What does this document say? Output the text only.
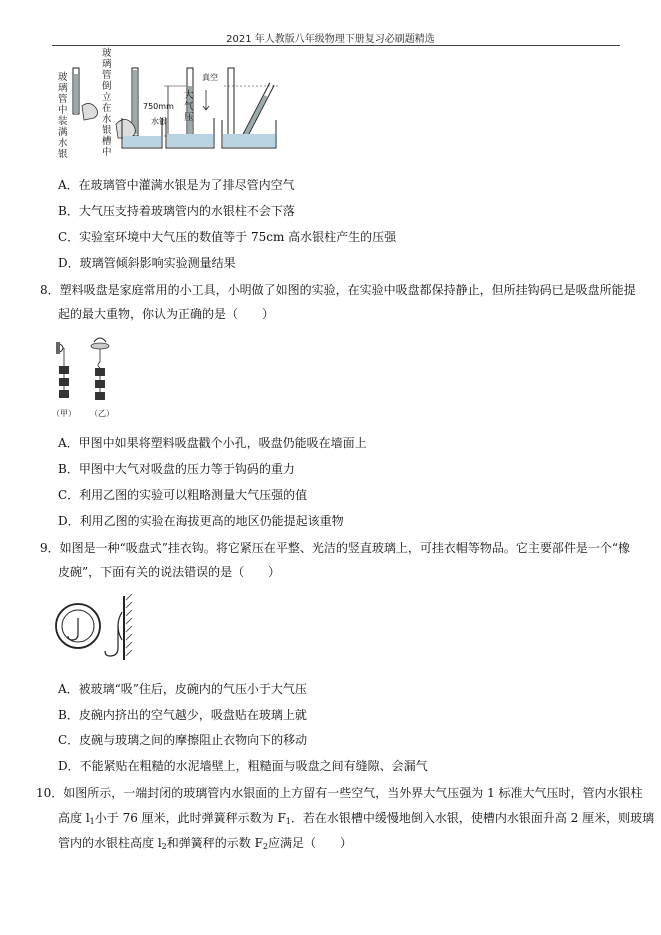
2021 年人教版八年级物理下册复习必刷题精选
玻璃管中装满水银
玻璃管倒立在水银槽中
真空
大气压
750mm
水银
A．在玻璃管中灌满水银是为了排尽管内空气
B．大气压支持着玻璃管内的水银柱不会下落
C．实验室环境中大气压的数值等于 75cm 高水银柱产生的压强
D．玻璃管倾斜影响实验测量结果
8．塑料吸盘是家庭常用的小工具，小明做了如图的实验，在实验中吸盘都保持静止，但所挂钩码已是吸盘所能提
起的最大重物，你认为正确的是（　　）
（甲） （乙）
A．甲图中如果将塑料吸盘戳个小孔，吸盘仍能吸在墙面上
B．甲图中大气对吸盘的压力等于钩码的重力
C．利用乙图的实验可以粗略测量大气压强的值
D．利用乙图的实验在海拔更高的地区仍能提起该重物
9．如图是一种“吸盘式”挂衣钩。将它紧压在平整、光洁的竖直玻璃上，可挂衣帽等物品。它主要部件是一个“橡
皮碗”，下面有关的说法错误的是（　　）
A．被玻璃“吸”住后，皮碗内的气压小于大气压
B．皮碗内挤出的空气越少，吸盘贴在玻璃上就
C．皮碗与玻璃之间的摩擦阻止衣物向下的移动
D．不能紧贴在粗糙的水泥墙壁上，粗糙面与吸盘之间有缝隙、会漏气
10．如图所示，一端封闭的玻璃管内水银面的上方留有一些空气，当外界大气压强为 1 标准大气压时，管内水银柱
高度 $l_1$小于 76 厘米，此时弹簧秤示数为 $F_1$．若在水银槽中缓慢地倒入水银，使槽内水银面升高 2 厘米，则玻璃
管内的水银柱高度 $l_2$和弹簧秤的示数 $F_2$应满足（　　）
